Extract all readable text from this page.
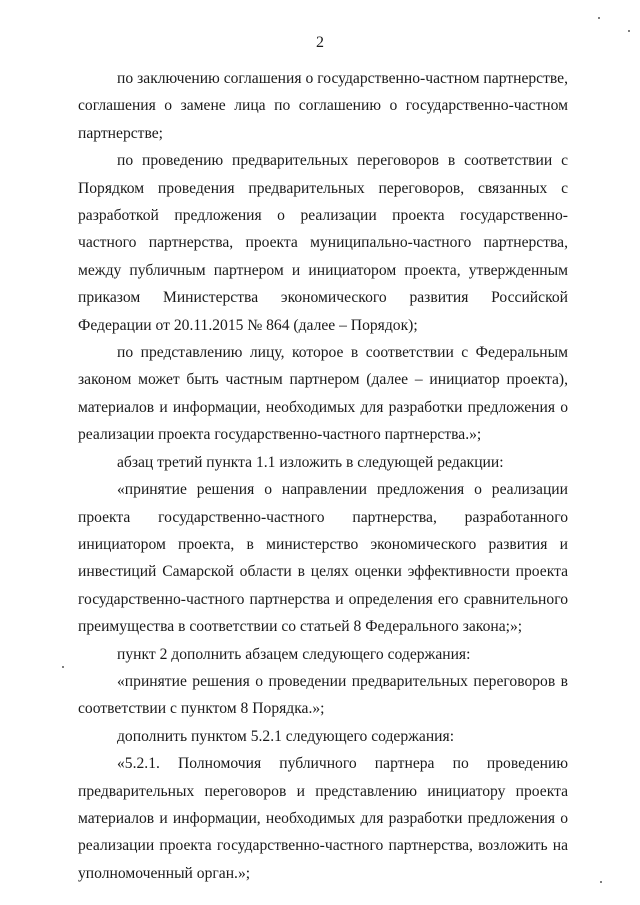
2

по заключению соглашения о государственно-частном партнерстве, соглашения о замене лица по соглашению о государственно-частном партнерстве;

по проведению предварительных переговоров в соответствии с Порядком проведения предварительных переговоров, связанных с разработкой предложения о реализации проекта государственно-частного партнерства, проекта муниципально-частного партнерства, между публичным партнером и инициатором проекта, утвержденным приказом Министерства экономического развития Российской Федерации от 20.11.2015 № 864 (далее – Порядок);

по представлению лицу, которое в соответствии с Федеральным законом может быть частным партнером (далее – инициатор проекта), материалов и информации, необходимых для разработки предложения о реализации проекта государственно-частного партнерства.»;

абзац третий пункта 1.1 изложить в следующей редакции:

«принятие решения о направлении предложения о реализации проекта государственно-частного партнерства, разработанного инициатором проекта, в министерство экономического развития и инвестиций Самарской области в целях оценки эффективности проекта государственно-частного партнерства и определения его сравнительного преимущества в соответствии со статьей 8 Федерального закона;»;

пункт 2 дополнить абзацем следующего содержания:

«принятие решения о проведении предварительных переговоров в соответствии с пунктом 8 Порядка.»;

дополнить пунктом 5.2.1 следующего содержания:

«5.2.1. Полномочия публичного партнера по проведению предварительных переговоров и представлению инициатору проекта материалов и информации, необходимых для разработки предложения о реализации проекта государственно-частного партнерства, возложить на уполномоченный орган.»;
